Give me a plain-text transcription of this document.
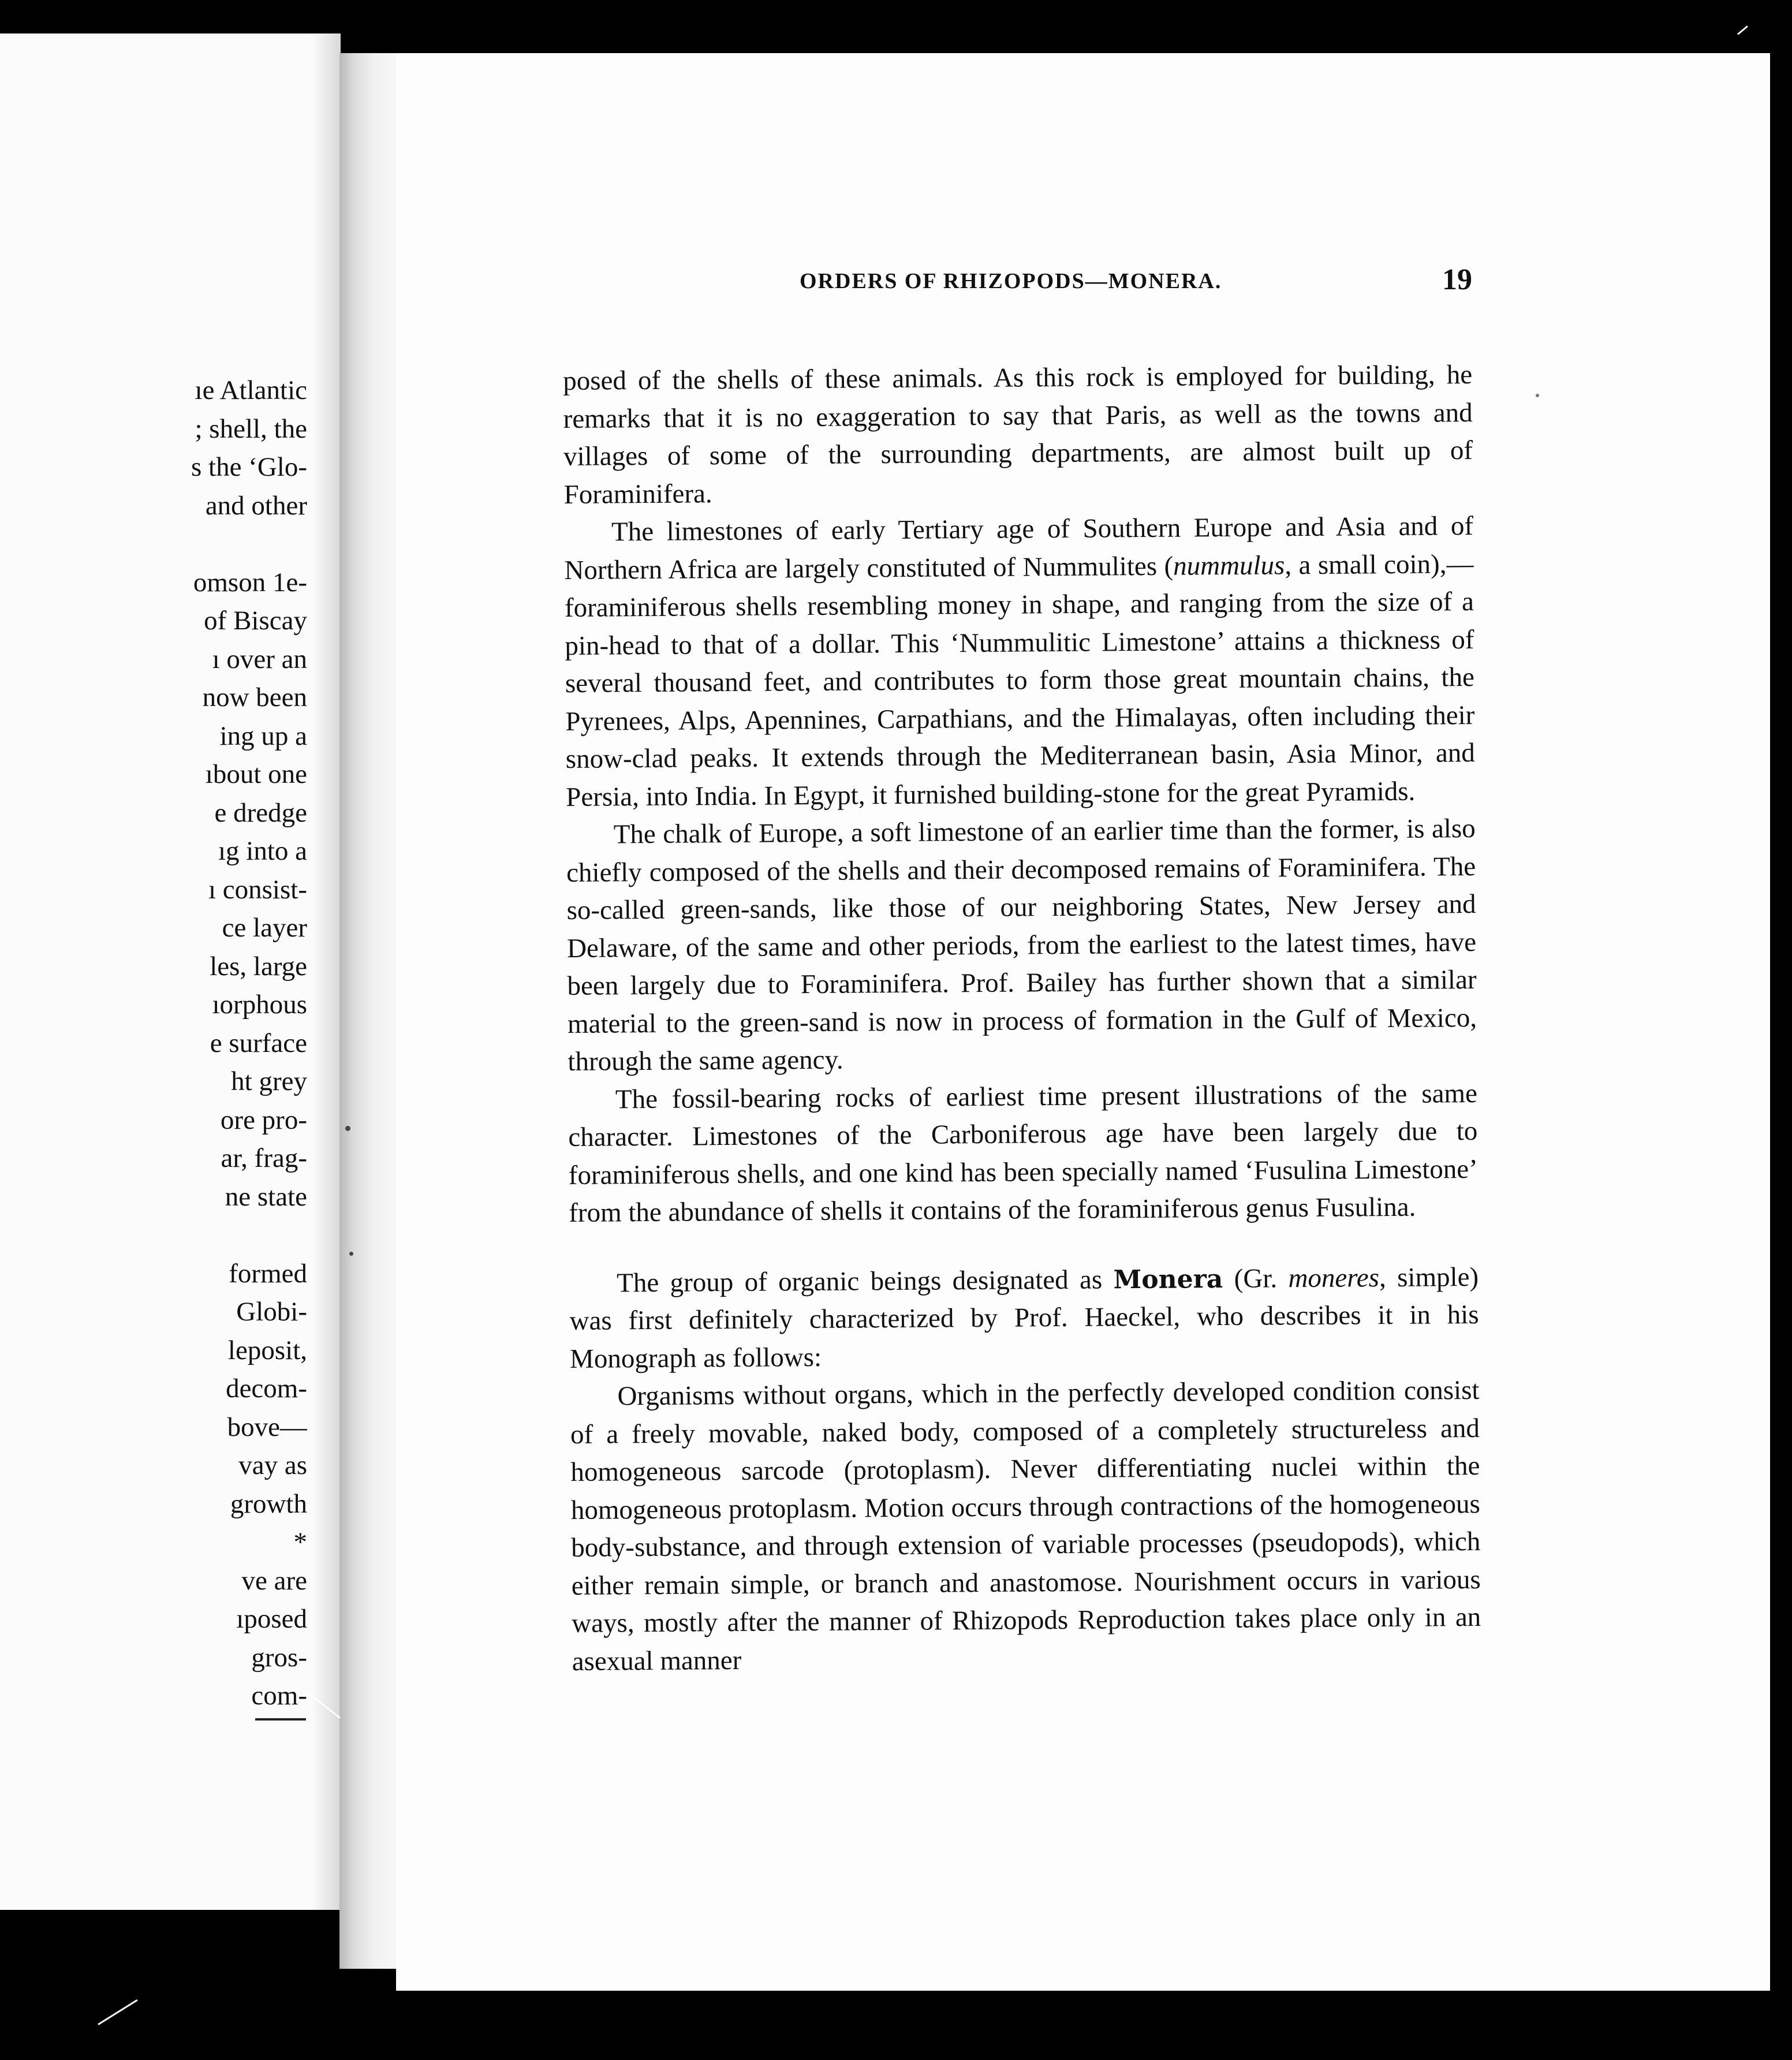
ıe Atlantic
; shell, the
s the ‘Glo-
and other
omson 1e-
of Biscay
ı over an
now been
ing up a
ıbout one
e dredge
ıg into a
ı consist-
ce layer
les, large
ıorphous
e surface
ht grey
ore pro-
ar, frag-
ne state
formed
Globi-
leposit,
decom-
bove—
vay as
growth
*
ve are
ıposed
gros-
com-
ORDERS OF RHIZOPODS—MONERA.	19

posed of the shells of these animals. As this rock is employed for building, he remarks that it is no exaggeration to say that Paris, as well as the towns and villages of some of the surrounding departments, are almost built up of Foraminifera.

The limestones of early Tertiary age of Southern Europe and Asia and of Northern Africa are largely constituted of Nummulites (nummulus, a small coin),—foraminiferous shells resembling money in shape, and ranging from the size of a pin-head to that of a dollar. This ‘Nummulitic Limestone’ attains a thickness of several thousand feet, and contributes to form those great mountain chains, the Pyrenees, Alps, Apennines, Carpathians, and the Himalayas, often including their snow-clad peaks. It extends through the Mediterranean basin, Asia Minor, and Persia, into India. In Egypt, it furnished building-stone for the great Pyramids.

The chalk of Europe, a soft limestone of an earlier time than the former, is also chiefly composed of the shells and their decomposed remains of Foraminifera. The so-called green-sands, like those of our neighboring States, New Jersey and Delaware, of the same and other periods, from the earliest to the latest times, have been largely due to Foraminifera. Prof. Bailey has further shown that a similar material to the green-sand is now in process of formation in the Gulf of Mexico, through the same agency.

The fossil-bearing rocks of earliest time present illustrations of the same character. Limestones of the Carboniferous age have been largely due to foraminiferous shells, and one kind has been specially named ‘Fusulina Limestone’ from the abundance of shells it contains of the foraminiferous genus Fusulina.

The group of organic beings designated as Monera (Gr. moneres, simple) was first definitely characterized by Prof. Haeckel, who describes it in his Monograph as follows:

Organisms without organs, which in the perfectly developed condition consist of a freely movable, naked body, composed of a completely structureless and homogeneous sarcode (protoplasm). Never differentiating nuclei within the homogeneous protoplasm. Motion occurs through contractions of the homogeneous body-substance, and through extension of variable processes (pseudopods), which either remain simple, or branch and anastomose. Nourishment occurs in various ways, mostly after the manner of Rhizopods Reproduction takes place only in an asexual manner
